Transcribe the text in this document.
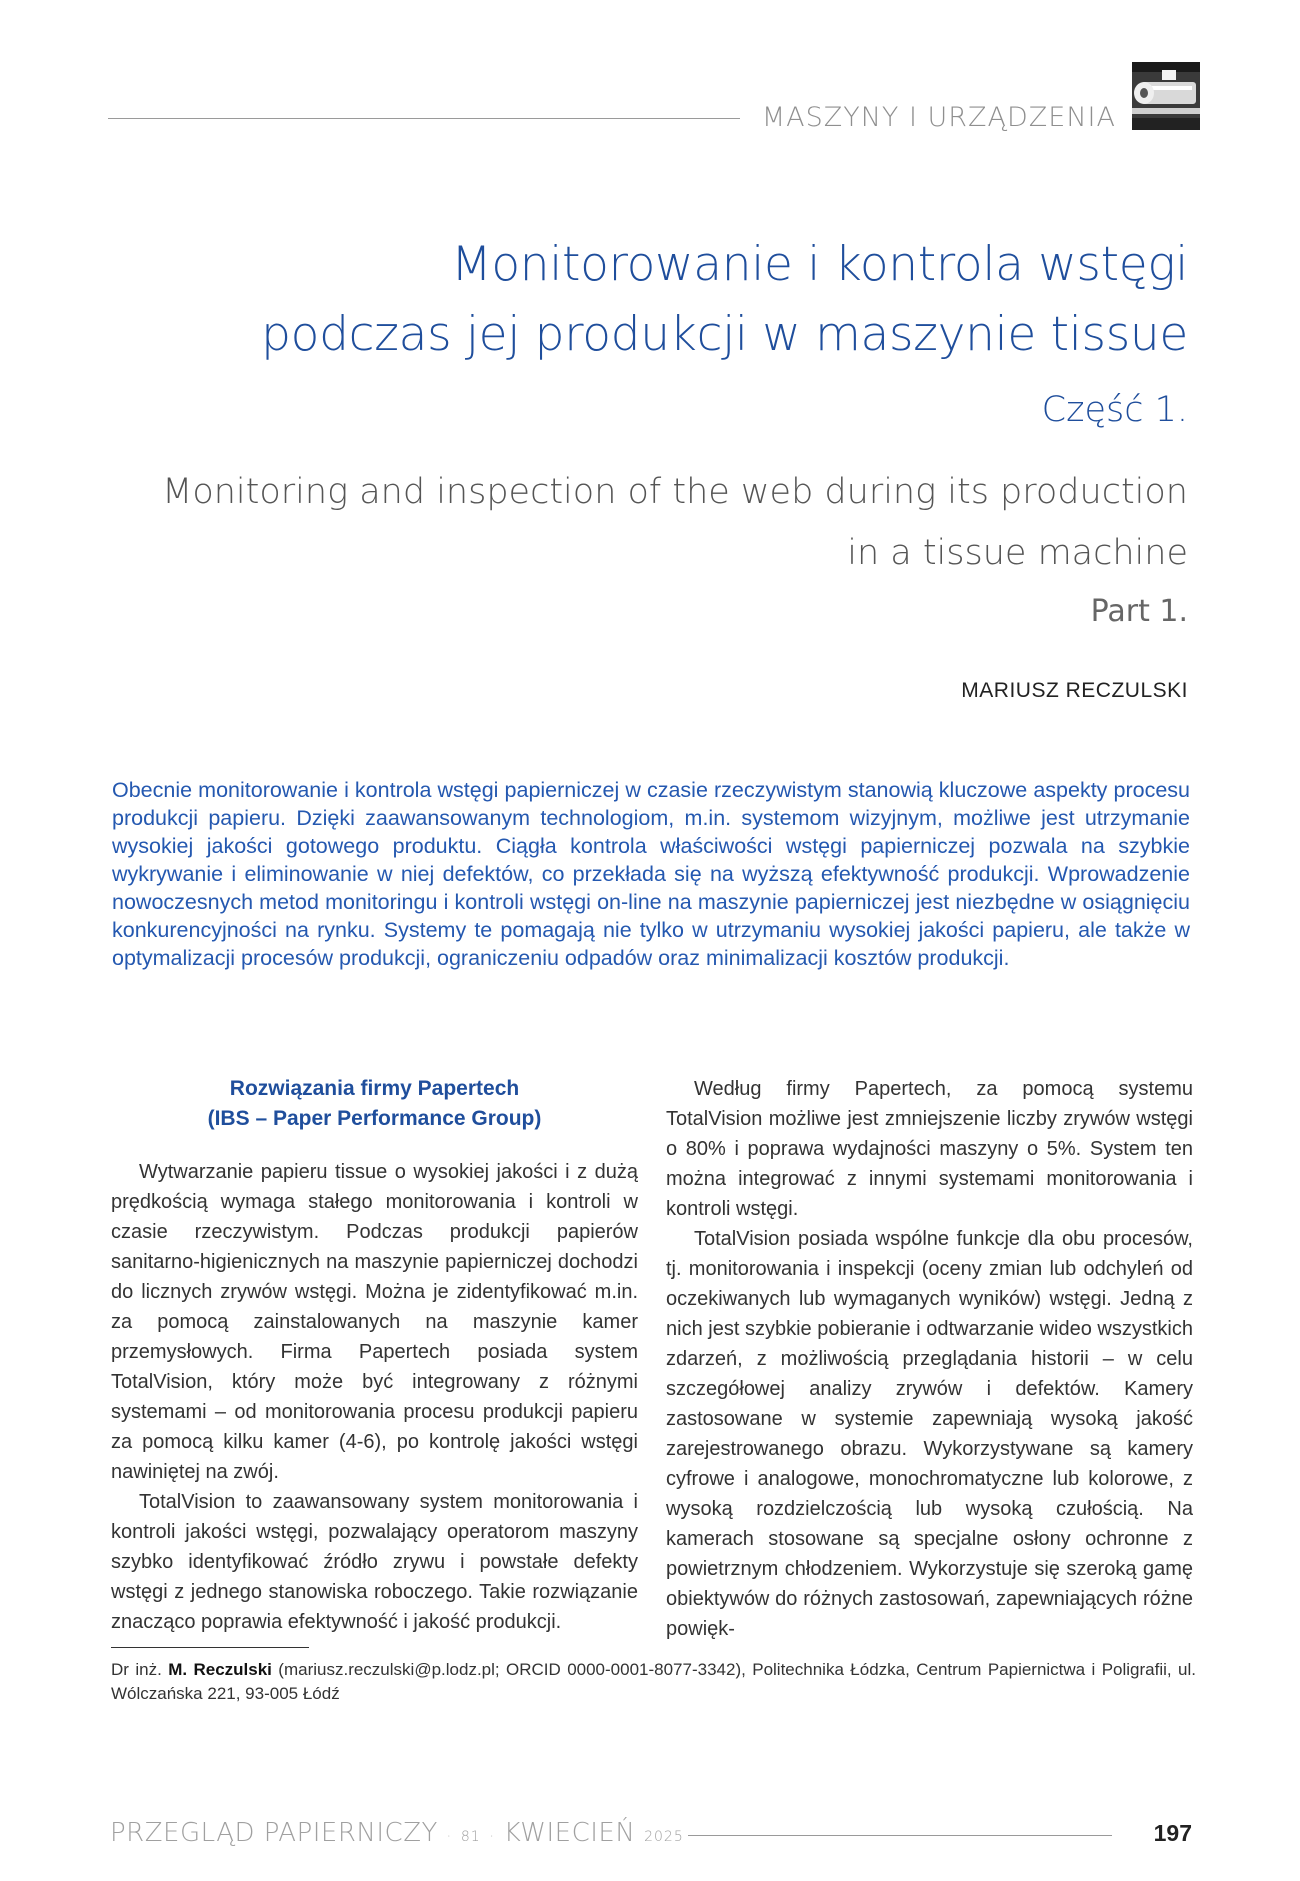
MASZYNY I URZĄDZENIA
Monitorowanie i kontrola wstęgi
podczas jej produkcji w maszynie tissue
Część 1.
Monitoring and inspection of the web during its production
in a tissue machine
Part 1.
MARIUSZ RECZULSKI
Obecnie monitorowanie i kontrola wstęgi papierniczej w czasie rzeczywistym stanowią kluczowe aspekty procesu produkcji papieru. Dzięki zaawansowanym technologiom, m.in. systemom wizyjnym, możliwe jest utrzymanie wysokiej jakości gotowego produktu. Ciągła kontrola właściwości wstęgi papierniczej pozwala na szybkie wykrywanie i eliminowanie w niej defektów, co przekłada się na wyższą efektywność produkcji. Wprowadzenie nowoczesnych metod monitoringu i kontroli wstęgi on-line na maszynie papierniczej jest niezbędne w osiągnięciu konkurencyjności na rynku. Systemy te pomagają nie tylko w utrzymaniu wysokiej jakości papieru, ale także w optymalizacji procesów produkcji, ograniczeniu odpadów oraz minimalizacji kosztów produkcji.
Rozwiązania firmy Papertech
(IBS – Paper Performance Group)

Wytwarzanie papieru tissue o wysokiej jakości i z dużą prędkością wymaga stałego monitorowania i kontroli w czasie rzeczywistym. Podczas produkcji papierów sanitarno-higienicznych na maszynie papierniczej dochodzi do licznych zrywów wstęgi. Można je zidentyfikować m.in. za pomocą zainstalowanych na maszynie kamer przemysłowych. Firma Papertech posiada system TotalVision, który może być integrowany z różnymi systemami – od monitorowania procesu produkcji papieru za pomocą kilku kamer (4-6), po kontrolę jakości wstęgi nawiniętej na zwój.

TotalVision to zaawansowany system monitorowania i kontroli jakości wstęgi, pozwalający operatorom maszyny szybko identyfikować źródło zrywu i powstałe defekty wstęgi z jednego stanowiska roboczego. Takie rozwiązanie znacząco poprawia efektywność i jakość produkcji.

Według firmy Papertech, za pomocą systemu TotalVision możliwe jest zmniejszenie liczby zrywów wstęgi o 80% i poprawa wydajności maszyny o 5%. System ten można integrować z innymi systemami monitorowania i kontroli wstęgi.

TotalVision posiada wspólne funkcje dla obu procesów, tj. monitorowania i inspekcji (oceny zmian lub odchyleń od oczekiwanych lub wymaganych wyników) wstęgi. Jedną z nich jest szybkie pobieranie i odtwarzanie wideo wszystkich zdarzeń, z możliwością przeglądania historii – w celu szczegółowej analizy zrywów i defektów. Kamery zastosowane w systemie zapewniają wysoką jakość zarejestrowanego obrazu. Wykorzystywane są kamery cyfrowe i analogowe, monochromatyczne lub kolorowe, z wysoką rozdzielczością lub wysoką czułością. Na kamerach stosowane są specjalne osłony ochronne z powietrznym chłodzeniem. Wykorzystuje się szeroką gamę obiektywów do różnych zastosowań, zapewniających różne powięk-

Dr inż. M. Reczulski (mariusz.reczulski@p.lodz.pl; ORCID 0000-0001-8077-3342), Politechnika Łódzka, Centrum Papiernictwa i Poligrafii, ul. Wólczańska 221, 93-005 Łódź
PRZEGLĄD PAPIERNICZY · 81 · KWIECIEŃ 2025	197
